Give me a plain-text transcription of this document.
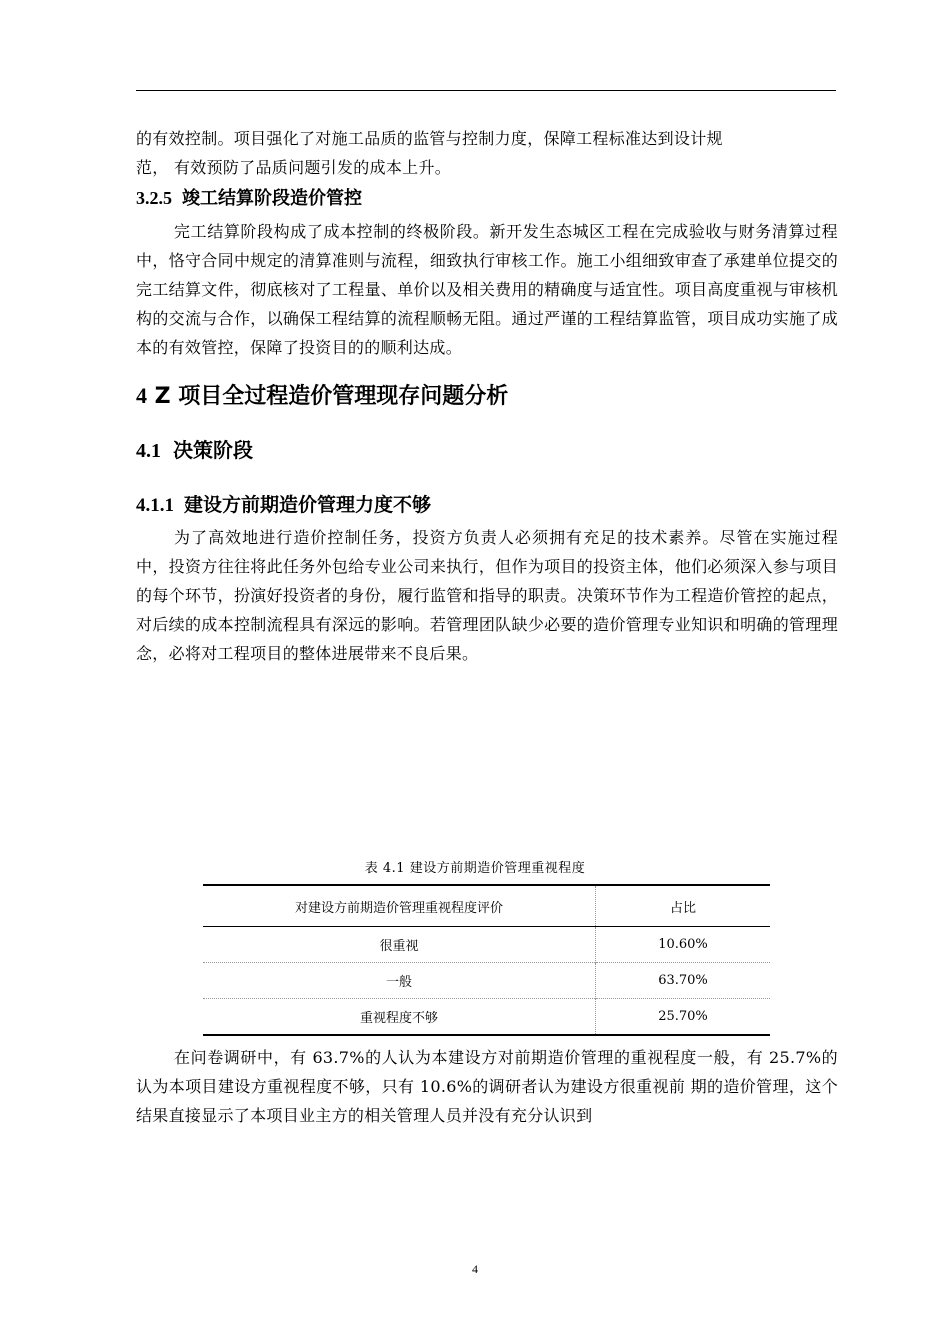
的有效控制。项目强化了对施工品质的监管与控制力度，保障工程标准达到设计规
范， 有效预防了品质问题引发的成本上升。

3.2.5 竣工结算阶段造价管控

完工结算阶段构成了成本控制的终极阶段。新开发生态城区工程在完成验收与财务清算过程中，恪守合同中规定的清算准则与流程，细致执行审核工作。施工小组细致审查了承建单位提交的完工结算文件，彻底核对了工程量、单价以及相关费用的精确度与适宜性。项目高度重视与审核机构的交流与合作，以确保工程结算的流程顺畅无阻。通过严谨的工程结算监管，项目成功实施了成本的有效管控，保障了投资目的的顺利达成。

4 Z 项目全过程造价管理现存问题分析
4.1 决策阶段
4.1.1 建设方前期造价管理力度不够

为了高效地进行造价控制任务，投资方负责人必须拥有充足的技术素养。尽管在实施过程中，投资方往往将此任务外包给专业公司来执行，但作为项目的投资主体，他们必须深入参与项目的每个环节，扮演好投资者的身份，履行监管和指导的职责。决策环节作为工程造价管控的起点，对后续的成本控制流程具有深远的影响。若管理团队缺少必要的造价管理专业知识和明确的管理理念，必将对工程项目的整体进展带来不良后果。

表 4.1 建设方前期造价管理重视程度
对建设方前期造价管理重视程度评价	占比
很重视	10.60%
一般	63.70%
重视程度不够	25.70%

在问卷调研中，有 63.7%的人认为本建设方对前期造价管理的重视程度一般，有 25.7%的认为本项目建设方重视程度不够，只有 10.6%的调研者认为建设方很重视前 期的造价管理，这个结果直接显示了本项目业主方的相关管理人员并没有充分认识到

4
